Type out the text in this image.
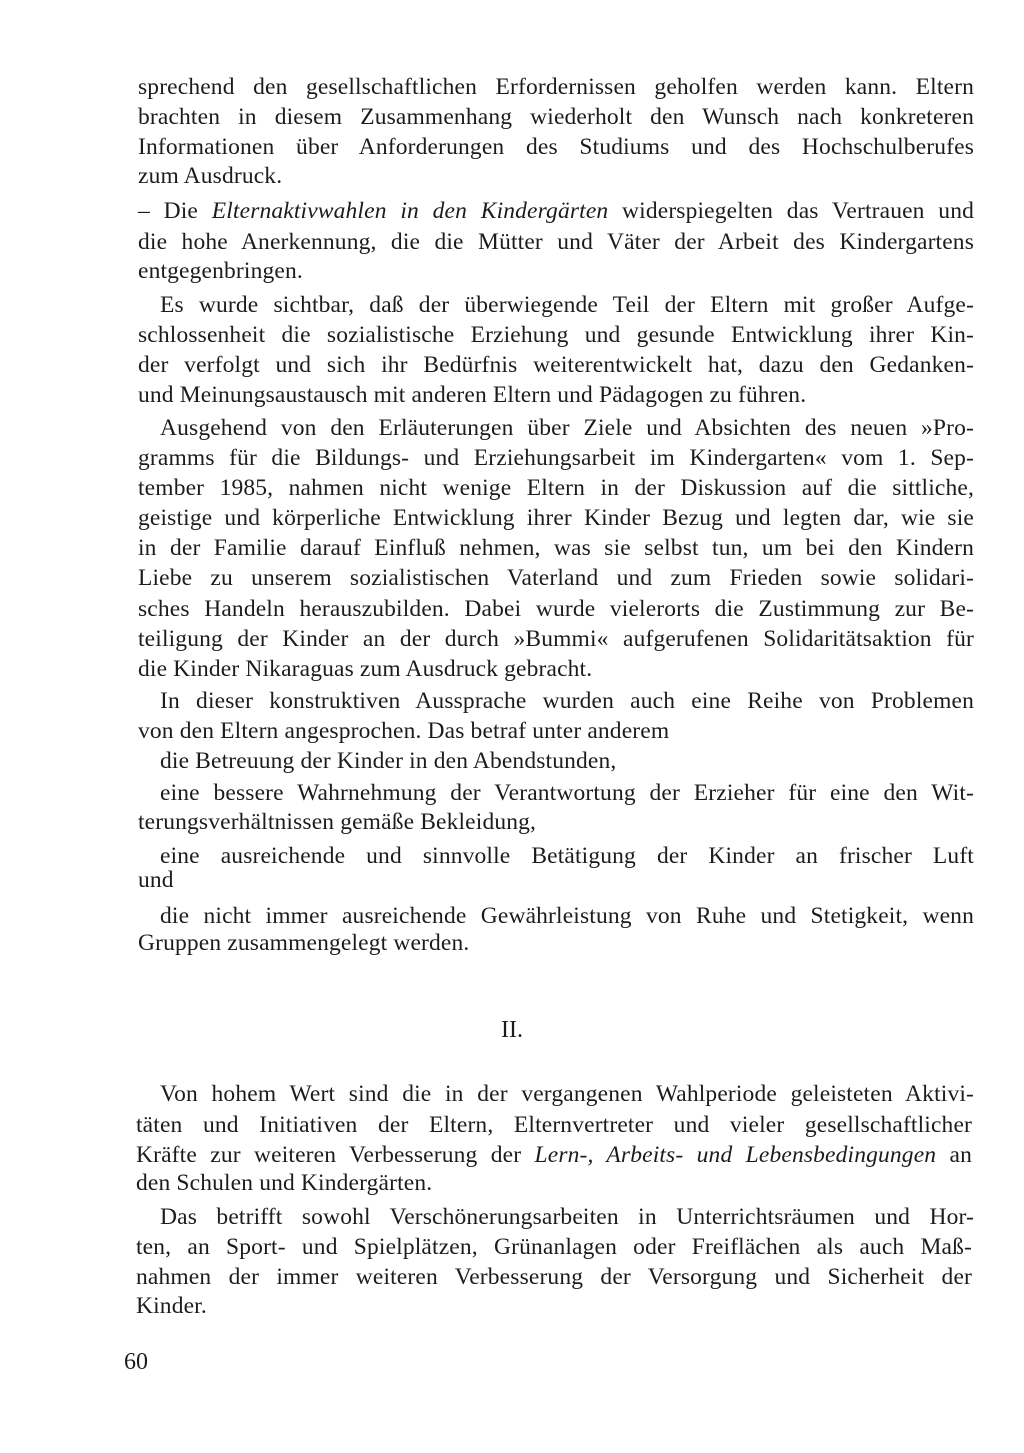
sprechend den gesellschaftlichen Erfordernissen geholfen werden kann. Eltern
brachten in diesem Zusammenhang wiederholt den Wunsch nach konkreteren
Informationen über Anforderungen des Studiums und des Hochschulberufes
zum Ausdruck.
– Die Elternaktivwahlen in den Kindergärten widerspiegelten das Vertrauen und
die hohe Anerkennung, die die Mütter und Väter der Arbeit des Kindergartens
entgegenbringen.
Es wurde sichtbar, daß der überwiegende Teil der Eltern mit großer Aufge-
schlossenheit die sozialistische Erziehung und gesunde Entwicklung ihrer Kin-
der verfolgt und sich ihr Bedürfnis weiterentwickelt hat, dazu den Gedanken-
und Meinungsaustausch mit anderen Eltern und Pädagogen zu führen.
Ausgehend von den Erläuterungen über Ziele und Absichten des neuen »Pro-
gramms für die Bildungs- und Erziehungsarbeit im Kindergarten« vom 1. Sep-
tember 1985, nahmen nicht wenige Eltern in der Diskussion auf die sittliche,
geistige und körperliche Entwicklung ihrer Kinder Bezug und legten dar, wie sie
in der Familie darauf Einfluß nehmen, was sie selbst tun, um bei den Kindern
Liebe zu unserem sozialistischen Vaterland und zum Frieden sowie solidari-
sches Handeln herauszubilden. Dabei wurde vielerorts die Zustimmung zur Be-
teiligung der Kinder an der durch »Bummi« aufgerufenen Solidaritätsaktion für
die Kinder Nikaraguas zum Ausdruck gebracht.
In dieser konstruktiven Aussprache wurden auch eine Reihe von Problemen
von den Eltern angesprochen. Das betraf unter anderem
die Betreuung der Kinder in den Abendstunden,
eine bessere Wahrnehmung der Verantwortung der Erzieher für eine den Wit-
terungsverhältnissen gemäße Bekleidung,
eine ausreichende und sinnvolle Betätigung der Kinder an frischer Luft
und
die nicht immer ausreichende Gewährleistung von Ruhe und Stetigkeit, wenn
Gruppen zusammengelegt werden.
II.
Von hohem Wert sind die in der vergangenen Wahlperiode geleisteten Aktivi-
täten und Initiativen der Eltern, Elternvertreter und vieler gesellschaftlicher
Kräfte zur weiteren Verbesserung der Lern-, Arbeits- und Lebensbedingungen an
den Schulen und Kindergärten.
Das betrifft sowohl Verschönerungsarbeiten in Unterrichtsräumen und Hor-
ten, an Sport- und Spielplätzen, Grünanlagen oder Freiflächen als auch Maß-
nahmen der immer weiteren Verbesserung der Versorgung und Sicherheit der
Kinder.
60
